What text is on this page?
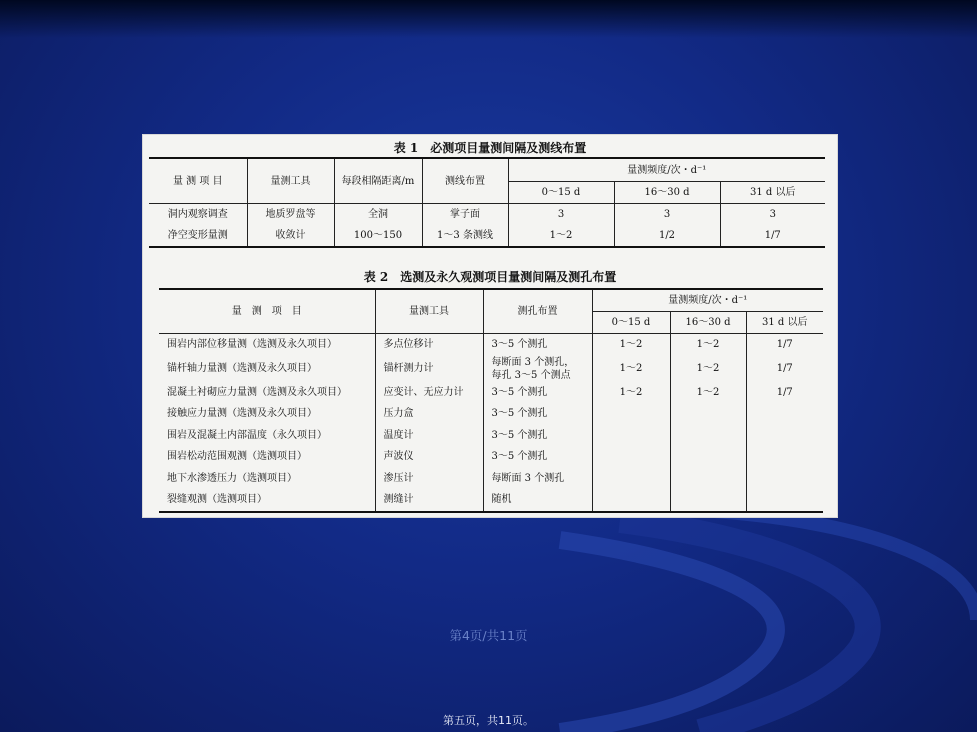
表 1　必测项目量测间隔及测线布置
量 测 项 目	量测工具	每段相隔距离/m	测线布置	量测频度/次・d⁻¹		
				0～15 d	16～30 d	31 d 以后
洞内观察调查	地质罗盘等	全洞	掌子面	3	3	3
净空变形量测	收敛计	100～150	1～3 条测线	1～2	1/2	1/7
表 2　选测及永久观测项目量测间隔及测孔布置
量　测　项　目	量测工具	测孔布置	量测频度/次・d⁻¹		
			0～15 d	16～30 d	31 d 以后
围岩内部位移量测（选测及永久项目）	多点位移计	3～5 个测孔	1～2	1～2	1/7
锚杆轴力量测（选测及永久项目）	锚杆测力计	每断面 3 个测孔，
每孔 3～5 个测点	1～2	1～2	1/7
混凝土衬砌应力量测（选测及永久项目）	应变计、无应力计	3～5 个测孔	1～2	1～2	1/7
接触应力量测（选测及永久项目）	压力盒	3～5 个测孔			
围岩及混凝土内部温度（永久项目）	温度计	3～5 个测孔			
围岩松动范围观测（选测项目）	声波仪	3～5 个测孔			
地下水渗透压力（选测项目）	渗压计	每断面 3 个测孔			
裂缝观测（选测项目）	测缝计	随机			
第4页/共11页
第五页，共11页。
